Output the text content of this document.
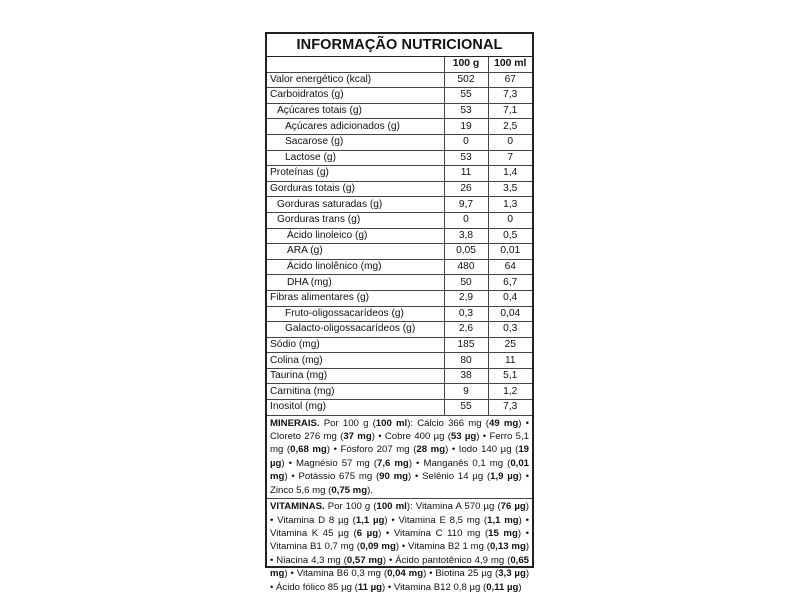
INFORMAÇÃO NUTRICIONAL
	100 g	100 ml
Valor energético (kcal)	502	67
Carboidratos (g)	55	7,3
Açúcares totais (g)	53	7,1
Açúcares adicionados (g)	19	2,5
Sacarose (g)	0	0
Lactose (g)	53	7
Proteínas (g)	11	1,4
Gorduras totais (g)	26	3,5
Gorduras saturadas (g)	9,7	1,3
Gorduras trans (g)	0	0
Ácido linoleico (g)	3,8	0,5
ARA (g)	0,05	0,01
Ácido linolênico (mg)	480	64
DHA (mg)	50	6,7
Fibras alimentares (g)	2,9	0,4
Fruto-oligossacarídeos (g)	0,3	0,04
Galacto-oligossacarídeos (g)	2,6	0,3
Sódio (mg)	185	25
Colina (mg)	80	11
Taurina (mg)	38	5,1
Carnitina (mg)	9	1,2
Inositol (mg)	55	7,3
MINERAIS. Por 100 g (100 ml): Cálcio 366 mg (49 mg) • Cloreto 276 mg (37 mg) • Cobre 400 µg (53 µg) • Ferro 5,1 mg (0,68 mg) • Fósforo 207 mg (28 mg) • Iodo 140 µg (19 µg) • Magnésio 57 mg (7,6 mg) • Manganês 0,1 mg (0,01 mg) • Potássio 675 mg (90 mg) • Selênio 14 µg (1,9 µg) • Zinco 5,6 mg (0,75 mg).
VITAMINAS. Por 100 g (100 ml): Vitamina A 570 µg (76 µg) • Vitamina D 8 µg (1,1 µg) • Vitamina E 8,5 mg (1,1 mg) • Vitamina K 45 µg (6 µg) • Vitamina C 110 mg (15 mg) • Vitamina B1 0,7 mg (0,09 mg) • Vitamina B2 1 mg (0,13 mg) • Niacina 4,3 mg (0,57 mg) • Ácido pantotênico 4,9 mg (0,65 mg) • Vitamina B6 0,3 mg (0,04 mg) • Biotina 25 µg (3,3 µg) • Ácido fólico 85 µg (11 µg) • Vitamina B12 0,8 µg (0,11 µg)
